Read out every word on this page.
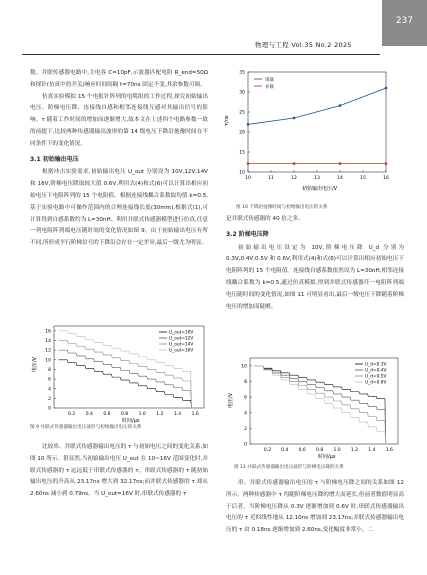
237
物理与工程 Vol.35 No.2 2025

数。并联传感器电路中,主电容 C=10pF,示波器匹配电阻 R_end=50Ω 和探针(仿真中的开关)响应时间间隔 t=70ns 固定不变,其余参数可调。

仿真实验模拟 15 个电报针阵列的电缆组的工作过程,探究初始输出电压、阶梯电压降、连接线自感和相邻连接线互感对其输出信号的影响。τ 随着工作时间的增加而逐渐增大,故本文在上述四个电路参数一致的前提下,比较两种传感器输出波形的第 14 级电压下降沿弛豫时间在不同条件下的变化情况。

3.1 初始输出电压

根据冲击实验需求,初始输出电压 U_out 分别设为 10V,12V,14V 和 16V,阶梯电压降取较大值 0.6V,利用式(4)和式(6)可以计算出相应初始电压下电阻阵列的 15 个电阻值。根据连接线耦合系数取均值 k=0.5,基于实验电路中可操作范围内的合理连接线长度(30mm),根据式(1),可计算得到自感系数约为 L=30nH。利用并联式传感器模型进行仿真,任意一列电阻阵列端电压随时间的变化情况如图 9。由于初始输出电压有所不同,所形成平行阶梯信号的下降沿会存在一定差异,最后一级尤为明显。

10
15
20
25
30
35
10	11	12	13	14	15	16
τ/ns
初始输出电压/V
串联
并联
图 10 下降沿弛豫时间与初始输出电压的关系

是并联式传感器的 40 倍之多。

3.2 阶梯电压降

初始输出电压设定为 10V,阶梯电压降 U_d 分别为 0.3V,0.4V,0.5V 和 0.6V,利用式(4)和式(6)可以计算出相应初始电压下电阻阵列的 15 个电阻值。连接线自感系数依然设为 L=30nH,相邻连接线耦合系数为 k=0.5,通过仿真模拟,得到并联式传感器任一电阻阵列端电压随时间的变化情况,如图 11 可明显看出,最后一级电压下降随着阶梯电压的增加而陡峭。

0
2
4
6
8
10
12
14
16
0.2 0.4 0.6 0.8 1.0 1.2 1.4 1.6
电压/V
时间/μs
U_out=10V
U_out=12V
U_out=14V
U_out=16V
图 9 并联式传感器输出电压波形与初始输出电压的关系
0
2
4
6
8
10
0.2 0.4 0.6 0.8 1.0 1.2 1.4 1.6
电压/V
时间/μs
U_d=0.3V
U_d=0.4V
U_d=0.5V
U_d=0.6V
图 11 并联式传感器输出电压波形与阶梯电压降的关系

比较串、并联式传感器输出电压的 τ 与初始电压之间的变化关系,如图 10 所示。很显然,当初始输出电压 U_out 在 10~16V 范围变化时,并联式传感器的 τ 远远低于串联式传感器的 τ。串联式传感器的 τ 随初始输出电压的升高从 23.17ns 增大到 32.17ns;而并联式传感器的 τ 却从 2.60ns 减小到 0.79ns。当 U_out=16V 时,串联式传感器的 τ

串、并联式传感器输出电压的 τ 与阶梯电压降之间的关系如图 12 所示。两种传感器中 τ 均随阶梯电压降的增大而延长,但前者数值明显高于后者。当阶梯电压降从 0.3V 逐渐增加到 0.6V 时,串联式传感器输出电压的 τ 近似线性地从 12.10ns 增加到 23.17ns;并联式传感器输出电压的 τ 由 0.18ns 逐渐增加到 2.60ns,变化幅度非常小。二
